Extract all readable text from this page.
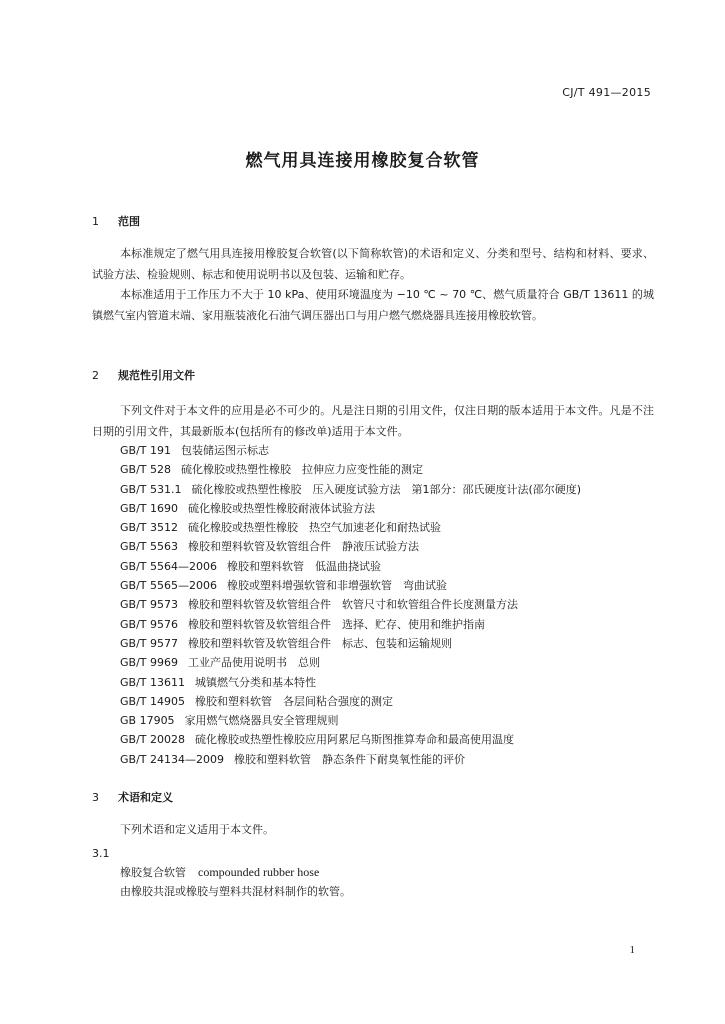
CJ/T 491—2015
燃气用具连接用橡胶复合软管
1 范围
本标准规定了燃气用具连接用橡胶复合软管(以下简称软管)的术语和定义、分类和型号、结构和材料、要求、试验方法、检验规则、标志和使用说明书以及包装、运输和贮存。
本标准适用于工作压力不大于 10 kPa、使用环境温度为 −10 ℃ ~ 70 ℃、燃气质量符合 GB/T 13611 的城镇燃气室内管道末端、家用瓶装液化石油气调压器出口与用户燃气燃烧器具连接用橡胶软管。
2 规范性引用文件
下列文件对于本文件的应用是必不可少的。凡是注日期的引用文件，仅注日期的版本适用于本文件。凡是不注日期的引用文件，其最新版本(包括所有的修改单)适用于本文件。
GB/T 191 包装储运图示标志
GB/T 528 硫化橡胶或热塑性橡胶　拉伸应力应变性能的测定
GB/T 531.1 硫化橡胶或热塑性橡胶　压入硬度试验方法　第1部分：邵氏硬度计法(邵尔硬度)
GB/T 1690 硫化橡胶或热塑性橡胶耐液体试验方法
GB/T 3512 硫化橡胶或热塑性橡胶　热空气加速老化和耐热试验
GB/T 5563 橡胶和塑料软管及软管组合件　静液压试验方法
GB/T 5564—2006 橡胶和塑料软管　低温曲挠试验
GB/T 5565—2006 橡胶或塑料增强软管和非增强软管　弯曲试验
GB/T 9573 橡胶和塑料软管及软管组合件　软管尺寸和软管组合件长度测量方法
GB/T 9576 橡胶和塑料软管及软管组合件　选择、贮存、使用和维护指南
GB/T 9577 橡胶和塑料软管及软管组合件　标志、包装和运输规则
GB/T 9969 工业产品使用说明书　总则
GB/T 13611 城镇燃气分类和基本特性
GB/T 14905 橡胶和塑料软管　各层间粘合强度的测定
GB 17905 家用燃气燃烧器具安全管理规则
GB/T 20028 硫化橡胶或热塑性橡胶应用阿累尼乌斯图推算寿命和最高使用温度
GB/T 24134—2009 橡胶和塑料软管　静态条件下耐臭氧性能的评价
3 术语和定义
下列术语和定义适用于本文件。
3.1
橡胶复合软管 compounded rubber hose
由橡胶共混或橡胶与塑料共混材料制作的软管。
1
